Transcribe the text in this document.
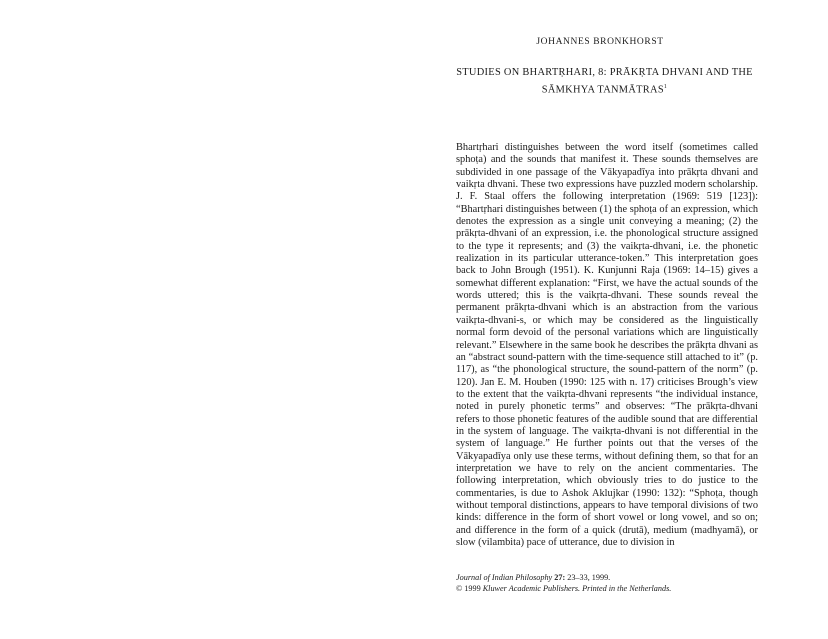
JOHANNES BRONKHORST
STUDIES ON BHARTṚHARI, 8: PRĀKṚTA DHVANI AND THE
SĀMKHYA TANMĀTRAS$^1$

Bhartṛhari distinguishes between the word itself (sometimes called sphoṭa) and the sounds that manifest it. These sounds themselves are subdivided in one passage of the Vākyapadīya into prākṛta dhvani and vaikṛta dhvani. These two expressions have puzzled modern scholarship. J. F. Staal offers the following interpretation (1969: 519 [123]): “Bhartṛhari distinguishes between (1) the sphoṭa of an expression, which denotes the expression as a single unit conveying a meaning; (2) the prākṛta-dhvani of an expression, i.e. the phonological structure assigned to the type it represents; and (3) the vaikṛta-dhvani, i.e. the phonetic realization in its particular utterance-token.” This interpretation goes back to John Brough (1951). K. Kunjunni Raja (1969: 14–15) gives a somewhat different explanation: “First, we have the actual sounds of the words uttered; this is the vaikṛta-dhvani. These sounds reveal the permanent prākṛta-dhvani which is an abstraction from the various vaikṛta-dhvani-s, or which may be considered as the linguistically normal form devoid of the personal variations which are linguistically relevant.” Elsewhere in the same book he describes the prākṛta dhvani as an “abstract sound-pattern with the time-sequence still attached to it” (p. 117), as “the phonological structure, the sound-pattern of the norm” (p. 120). Jan E. M. Houben (1990: 125 with n. 17) criticises Brough’s view to the extent that the vaikṛta-dhvani represents “the individual instance, noted in purely phonetic terms” and observes: “The prākṛta-dhvani refers to those phonetic features of the audible sound that are differential in the system of language. The vaikṛta-dhvani is not differential in the system of language.” He further points out that the verses of the Vākyapadīya only use these terms, without defining them, so that for an interpretation we have to rely on the ancient commentaries. The following interpretation, which obviously tries to do justice to the commentaries, is due to Ashok Aklujkar (1990: 132): “Sphoṭa, though without temporal distinctions, appears to have temporal divisions of two kinds: difference in the form of short vowel or long vowel, and so on; and difference in the form of a quick (drutā), medium (madhyamā), or slow (vilambita) pace of utterance, due to division in

Journal of Indian Philosophy 27: 23–33, 1999.
© 1999 Kluwer Academic Publishers. Printed in the Netherlands.
